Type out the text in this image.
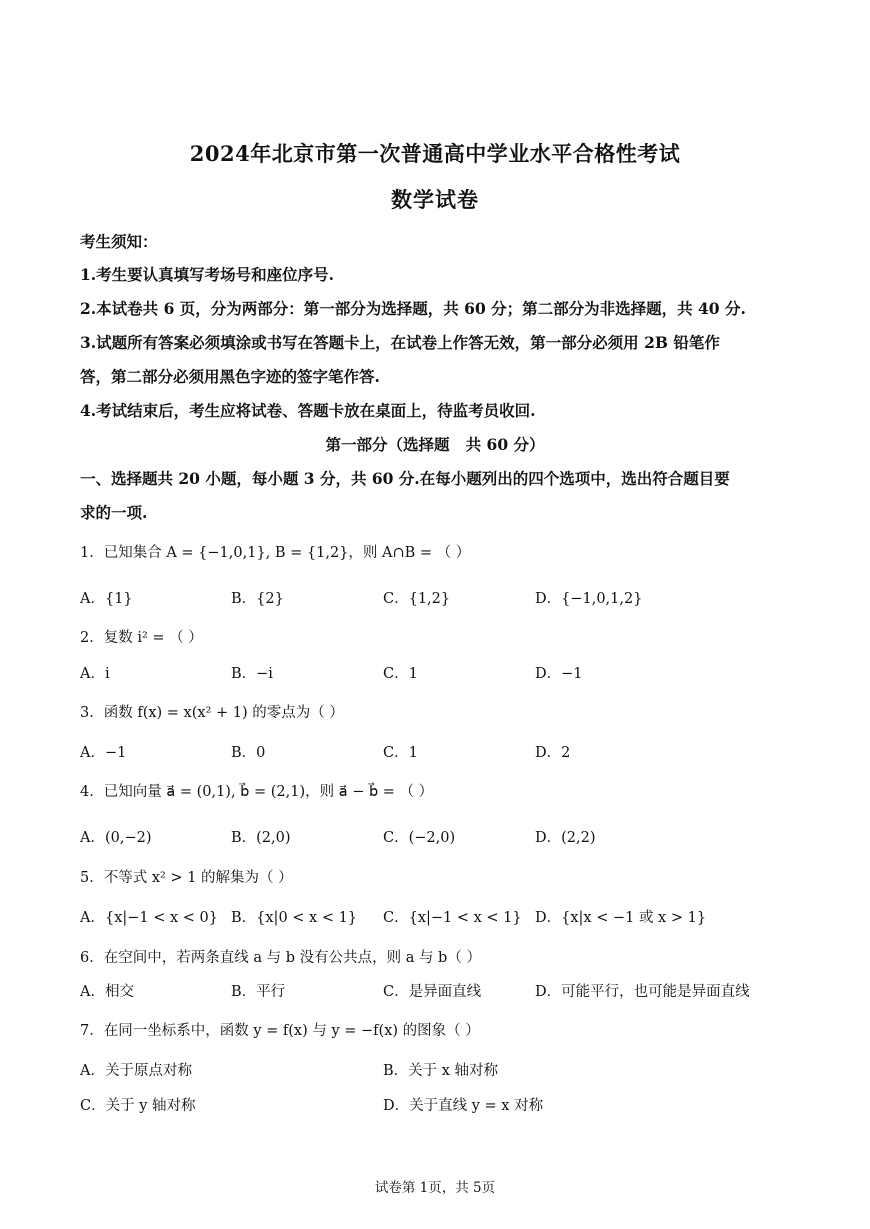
2024年北京市第一次普通高中学业水平合格性考试
数学试卷
考生须知：
1.考生要认真填写考场号和座位序号.
2.本试卷共 6 页，分为两部分：第一部分为选择题，共 60 分；第二部分为非选择题，共 40 分.
3.试题所有答案必须填涂或书写在答题卡上，在试卷上作答无效，第一部分必须用 2B 铅笔作
答，第二部分必须用黑色字迹的签字笔作答.
4.考试结束后，考生应将试卷、答题卡放在桌面上，待监考员收回.
第一部分（选择题   共 60 分）
一、选择题共 20 小题，每小题 3 分，共 60 分.在每小题列出的四个选项中，选出符合题目要
求的一项.
1．已知集合 A = {−1,0,1}, B = {1,2}，则 A∩B = （ ）
A．{1}	B．{2}	C．{1,2}	D．{−1,0,1,2}
2．复数 i² = （ ）
A．i	B．−i	C．1	D．−1
3．函数 f(x) = x(x² + 1) 的零点为（ ）
A．−1	B．0	C．1	D．2
4．已知向量 a⃗ = (0,1), b⃗ = (2,1)，则 a⃗ − b⃗ = （ ）
A．(0,−2)	B．(2,0)	C．(−2,0)	D．(2,2)
5．不等式 x² > 1 的解集为（ ）
A．{x|−1 < x < 0} B．{x|0 < x < 1} C．{x|−1 < x < 1} D．{x|x < −1 或 x > 1}
6．在空间中，若两条直线 a 与 b 没有公共点，则 a 与 b（ ）
A．相交	B．平行	C．是异面直线	D．可能平行，也可能是异面直线
7．在同一坐标系中，函数 y = f(x) 与 y = −f(x) 的图象（ ）
A．关于原点对称	B．关于 x 轴对称
C．关于 y 轴对称	D．关于直线 y = x 对称
试卷第 1页，共 5页
